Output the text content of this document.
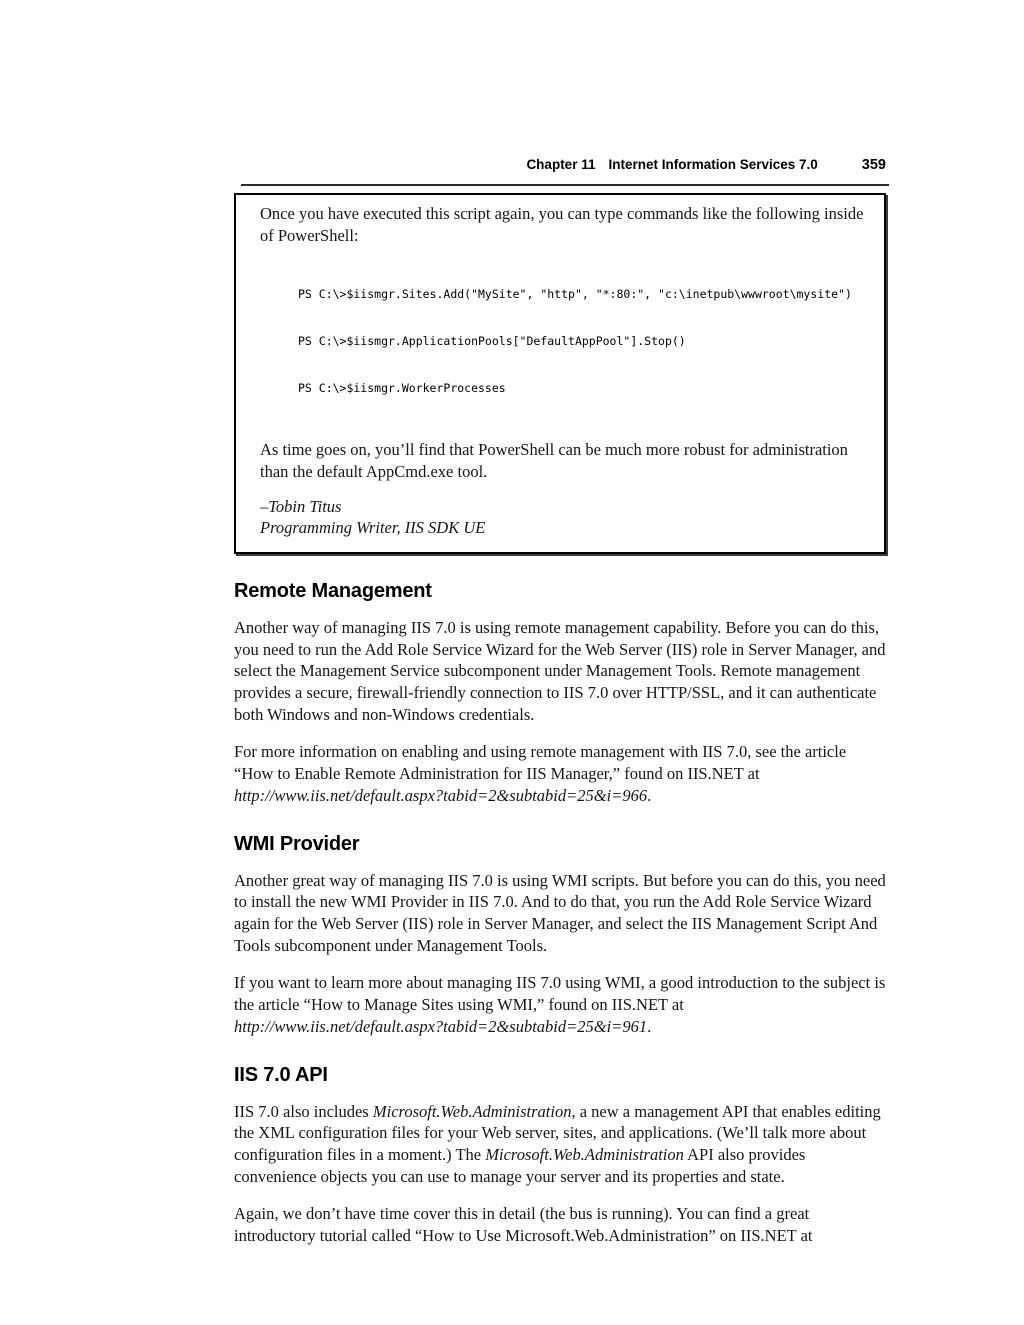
Chapter 11 Internet Information Services 7.0	359

Once you have executed this script again, you can type commands like the following inside of PowerShell:

PS C:\>$iismgr.Sites.Add("MySite", "http", "*:80:", "c:\inetpub\wwwroot\mysite")

PS C:\>$iismgr.ApplicationPools["DefaultAppPool"].Stop()

PS C:\>$iismgr.WorkerProcesses

As time goes on, you’ll find that PowerShell can be much more robust for administration than the default AppCmd.exe tool.

–Tobin Titus

Programming Writer, IIS SDK UE

Remote Management

Another way of managing IIS 7.0 is using remote management capability. Before you can do this, you need to run the Add Role Service Wizard for the Web Server (IIS) role in Server Manager, and select the Management Service subcomponent under Management Tools. Remote management provides a secure, firewall-friendly connection to IIS 7.0 over HTTP/SSL, and it can authenticate both Windows and non-Windows credentials.

For more information on enabling and using remote management with IIS 7.0, see the article “How to Enable Remote Administration for IIS Manager,” found on IIS.NET at http://www.iis.net/default.aspx?tabid=2&subtabid=25&i=966.

WMI Provider

Another great way of managing IIS 7.0 is using WMI scripts. But before you can do this, you need to install the new WMI Provider in IIS 7.0. And to do that, you run the Add Role Service Wizard again for the Web Server (IIS) role in Server Manager, and select the IIS Management Script And Tools subcomponent under Management Tools.

If you want to learn more about managing IIS 7.0 using WMI, a good introduction to the subject is the article “How to Manage Sites using WMI,” found on IIS.NET at http://www.iis.net/default.aspx?tabid=2&subtabid=25&i=961.

IIS 7.0 API

IIS 7.0 also includes Microsoft.Web.Administration, a new a management API that enables editing the XML configuration files for your Web server, sites, and applications. (We’ll talk more about configuration files in a moment.) The Microsoft.Web.Administration API also provides convenience objects you can use to manage your server and its properties and state.

Again, we don’t have time cover this in detail (the bus is running). You can find a great introductory tutorial called “How to Use Microsoft.Web.Administration” on IIS.NET at
